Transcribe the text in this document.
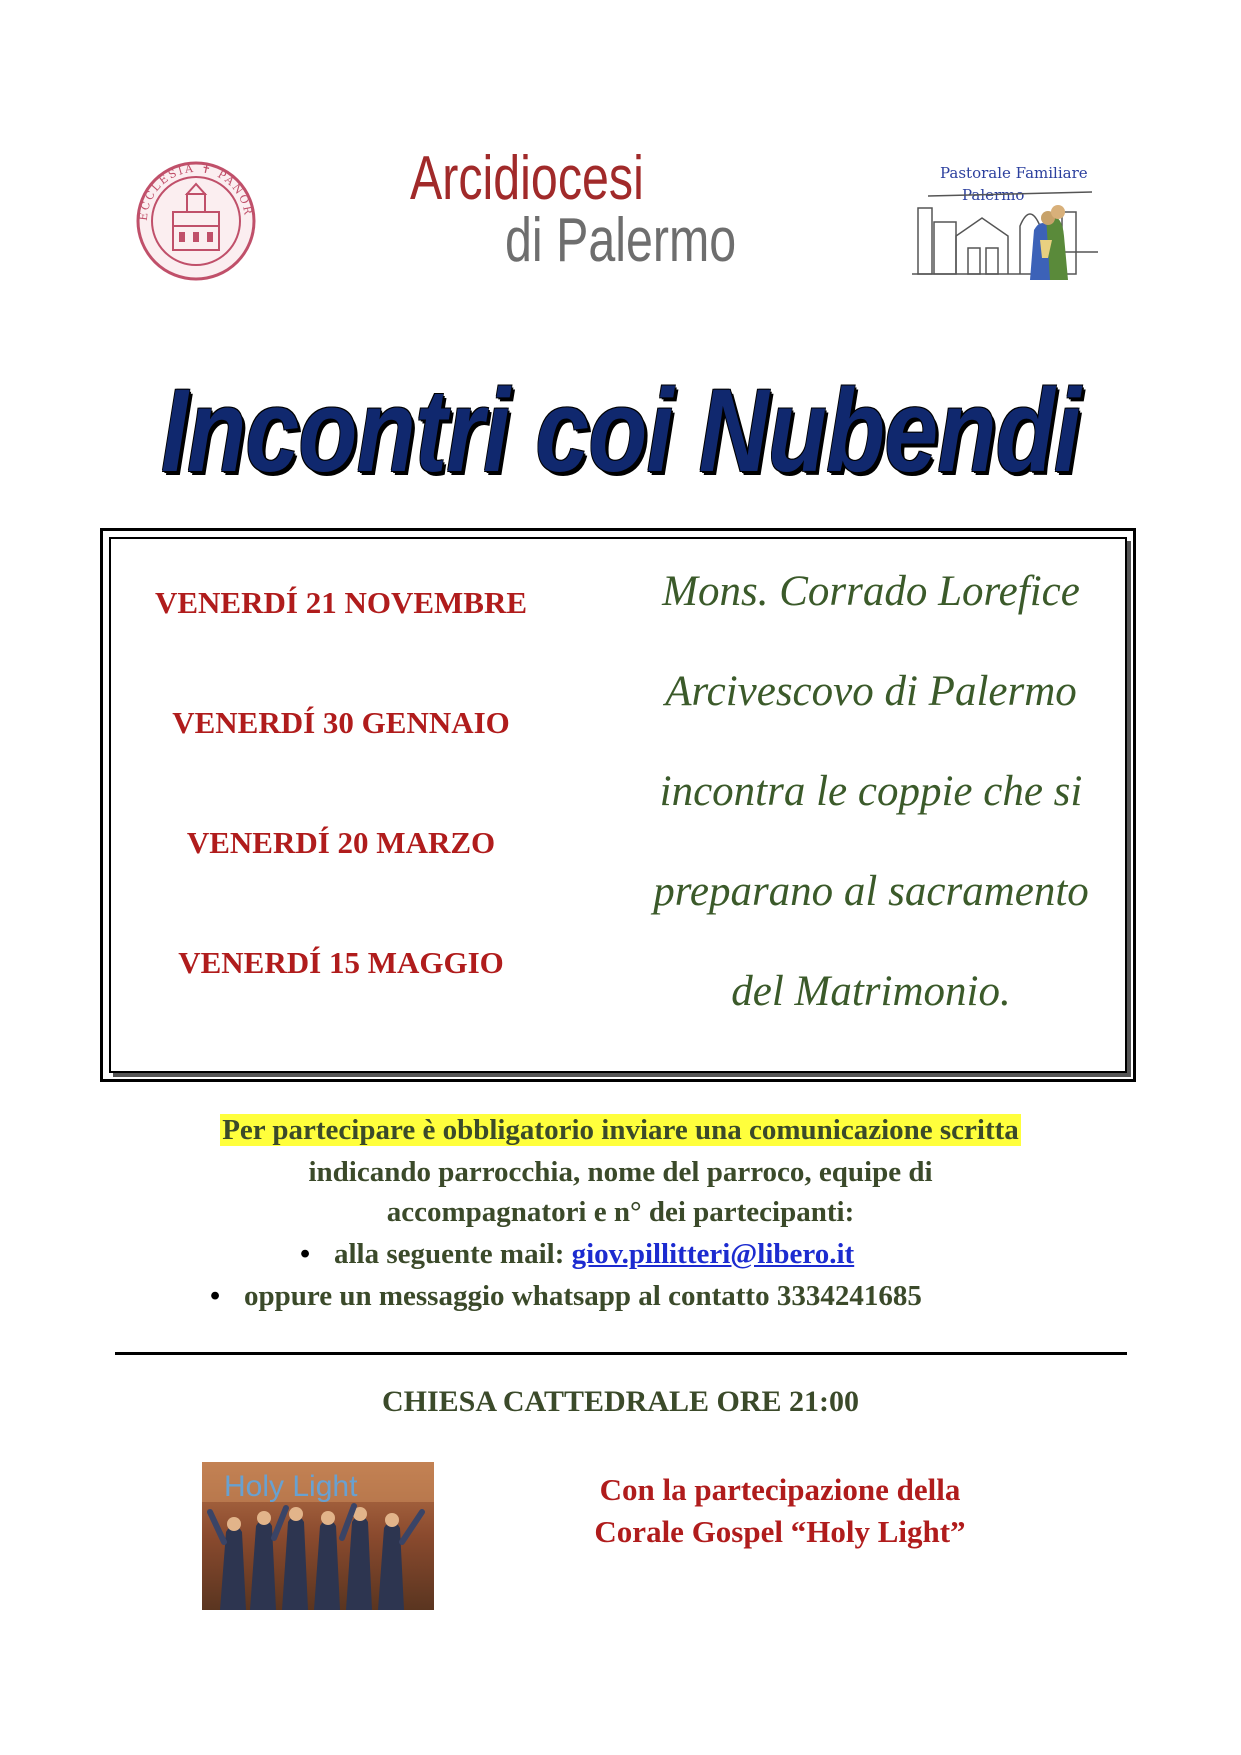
ECCLESIA ✝ PANOR	Arcidiocesi
di Palermo
Pastorale Familiare
Palermo
Incontri coi Nubendi
VENERDÍ 21 NOVEMBRE
VENERDÍ 30 GENNAIO
VENERDÍ 20 MARZO
VENERDÍ 15 MAGGIO
Mons. Corrado Lorefice
Arcivescovo di Palermo
incontra le coppie che si
preparano al sacramento
del Matrimonio.
Per partecipare è obbligatorio inviare una comunicazione scritta
indicando parrocchia, nome del parroco, equipe di
accompagnatori e n° dei partecipanti:
• alla seguente mail: giov.pillitteri@libero.it
• oppure un messaggio whatsapp al contatto 3334241685
CHIESA CATTEDRALE ORE 21:00
Holy Light	Con la partecipazione della
Corale Gospel “Holy Light”
